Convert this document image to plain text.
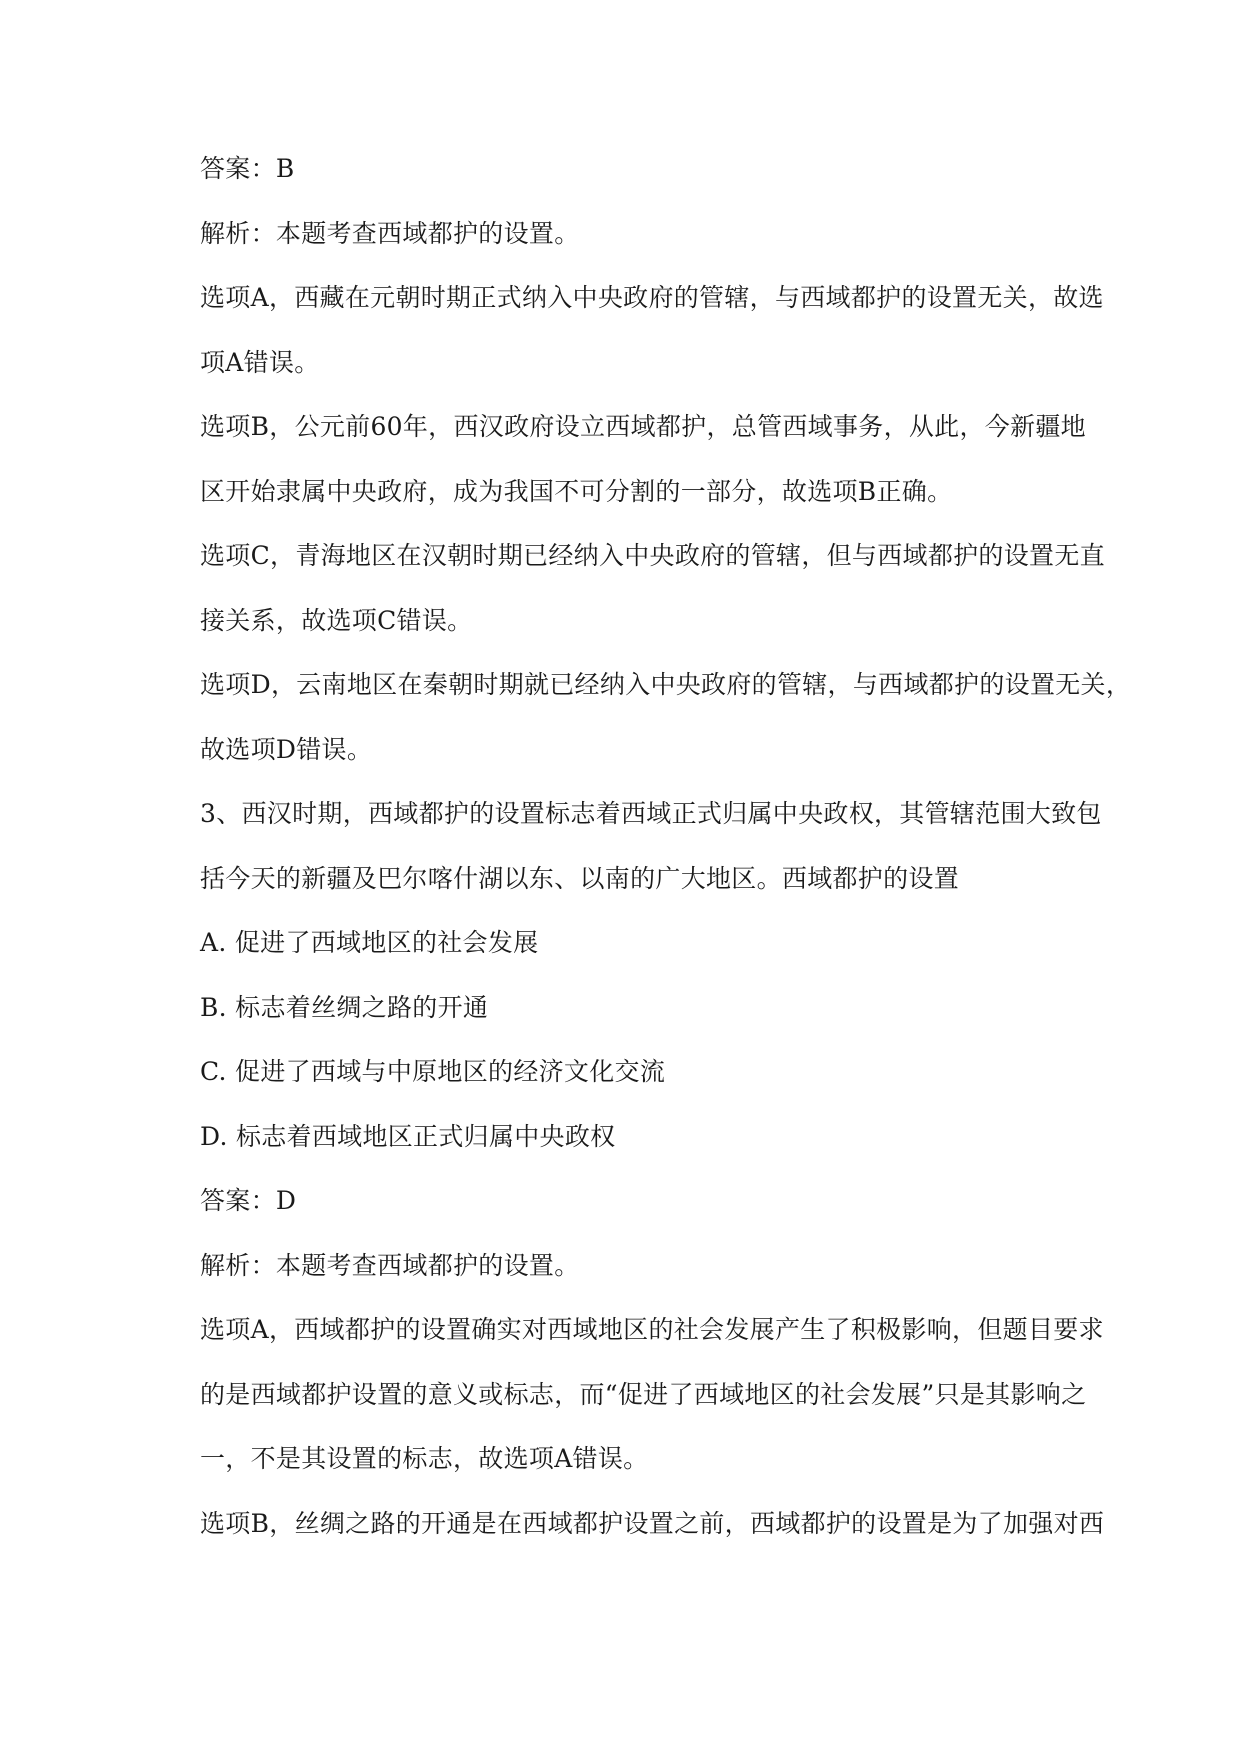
答案：B
解析：本题考查西域都护的设置。
选项A，西藏在元朝时期正式纳入中央政府的管辖，与西域都护的设置无关，故选
项A错误。
选项B，公元前60年，西汉政府设立西域都护，总管西域事务，从此，今新疆地
区开始隶属中央政府，成为我国不可分割的一部分，故选项B正确。
选项C，青海地区在汉朝时期已经纳入中央政府的管辖，但与西域都护的设置无直
接关系，故选项C错误。
选项D，云南地区在秦朝时期就已经纳入中央政府的管辖，与西域都护的设置无关，
故选项D错误。
3、西汉时期，西域都护的设置标志着西域正式归属中央政权，其管辖范围大致包
括今天的新疆及巴尔喀什湖以东、以南的广大地区。西域都护的设置
A. 促进了西域地区的社会发展
B. 标志着丝绸之路的开通
C. 促进了西域与中原地区的经济文化交流
D. 标志着西域地区正式归属中央政权
答案：D
解析：本题考查西域都护的设置。
选项A，西域都护的设置确实对西域地区的社会发展产生了积极影响，但题目要求
的是西域都护设置的意义或标志，而“促进了西域地区的社会发展”只是其影响之
一，不是其设置的标志，故选项A错误。
选项B，丝绸之路的开通是在西域都护设置之前，西域都护的设置是为了加强对西
